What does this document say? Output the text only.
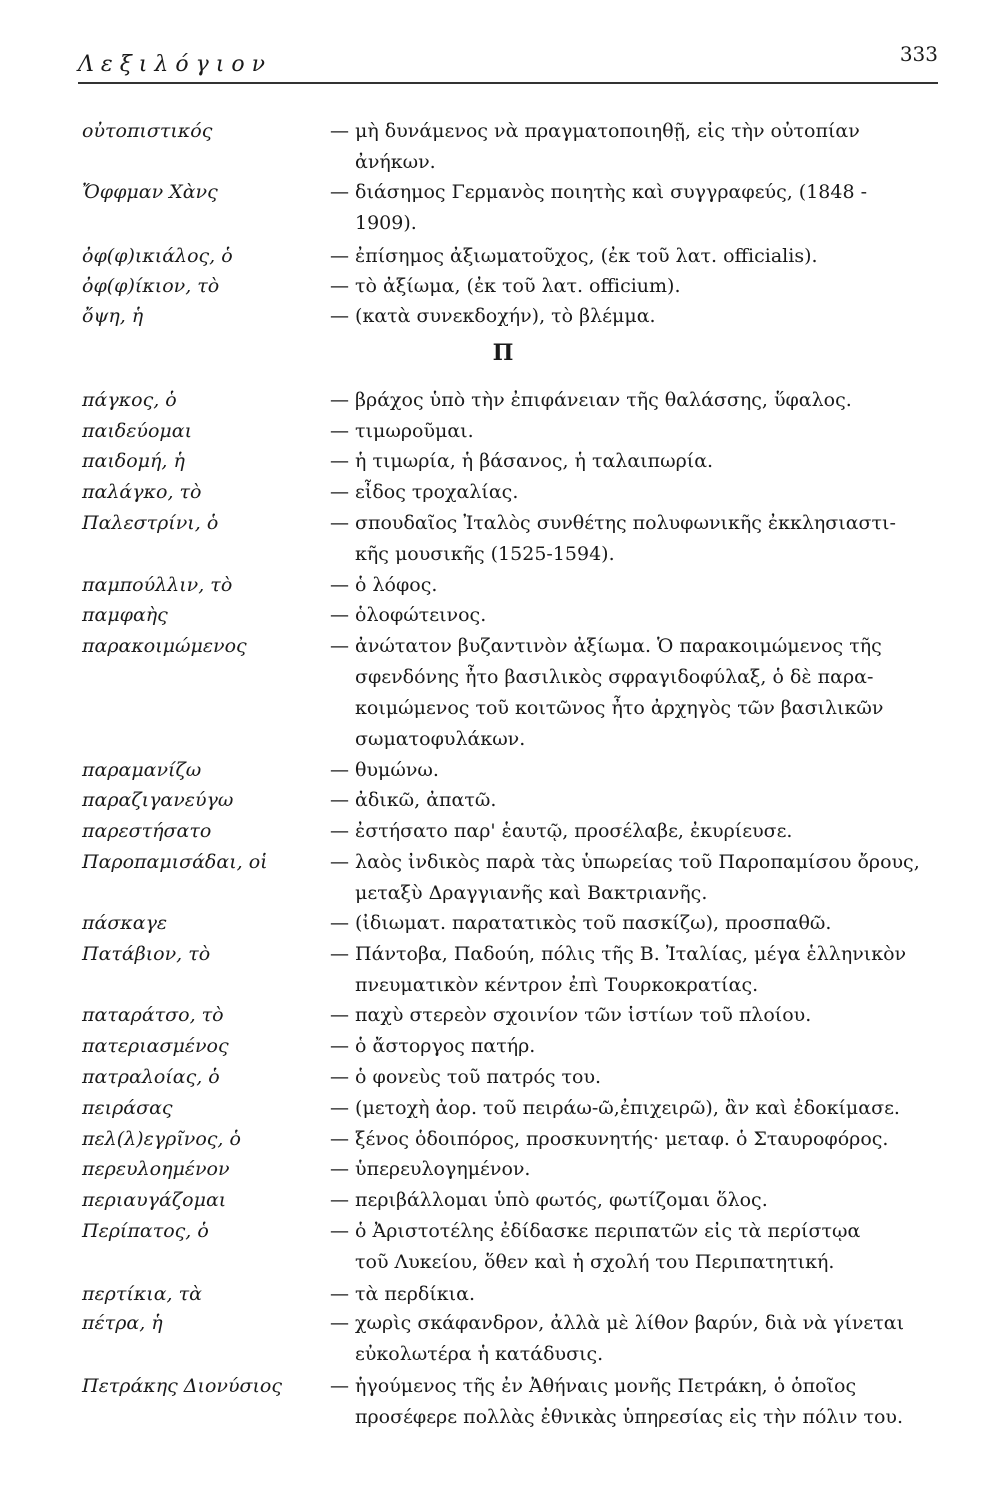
Λεξιλόγιον	333
Π
οὐτοπιστικός	— μὴ δυνάμενος νὰ πραγματοποιηθῇ, εἰς τὴν οὐτοπίαν
ἀνήκων.
Ὄφφμαν Χὰνς	— διάσημος Γερμανὸς ποιητὴς καὶ συγγραφεύς, (1848 -
1909).
ὀφ(φ)ικιάλος, ὁ	— ἐπίσημος ἀξιωματοῦχος, (ἐκ τοῦ λατ. officialis).
ὀφ(φ)ίκιον, τὸ	— τὸ ἀξίωμα, (ἐκ τοῦ λατ. officium).
ὄψη, ἡ	— (κατὰ συνεκδοχήν), τὸ βλέμμα.
πάγκος, ὁ	— βράχος ὑπὸ τὴν ἐπιφάνειαν τῆς θαλάσσης, ὕφαλος.
παιδεύομαι	— τιμωροῦμαι.
παιδομή, ἡ	— ἡ τιμωρία, ἡ βάσανος, ἡ ταλαιπωρία.
παλάγκο, τὸ	— εἶδος τροχαλίας.
Παλεστρίνι, ὁ	— σπουδαῖος Ἰταλὸς συνθέτης πολυφωνικῆς ἐκκλησιαστι-
κῆς μουσικῆς (1525-1594).
παμπούλλιν, τὸ	— ὁ λόφος.
παμφαὴς	— ὁλοφώτεινος.
παρακοιμώμενος	— ἀνώτατον βυζαντινὸν ἀξίωμα. Ὁ παρακοιμώμενος τῆς
σφενδόνης ἦτο βασιλικὸς σφραγιδοφύλαξ, ὁ δὲ παρα-
κοιμώμενος τοῦ κοιτῶνος ἦτο ἀρχηγὸς τῶν βασιλικῶν
σωματοφυλάκων.
παραμανίζω	— θυμώνω.
παραζιγανεύγω	— ἀδικῶ, ἀπατῶ.
παρεστήσατο	— ἐστήσατο παρ' ἑαυτῷ, προσέλαβε, ἐκυρίευσε.
Παροπαμισάδαι, οἱ	— λαὸς ἰνδικὸς παρὰ τὰς ὑπωρείας τοῦ Παροπαμίσου ὄρους,
μεταξὺ Δραγγιανῆς καὶ Βακτριανῆς.
πάσκαγε	— (ἰδιωματ. παρατατικὸς τοῦ πασκίζω), προσπαθῶ.
Πατάβιον, τὸ	— Πάντοβα, Παδούη, πόλις τῆς Β. Ἰταλίας, μέγα ἑλληνικὸν
πνευματικὸν κέντρον ἐπὶ Τουρκοκρατίας.
παταράτσο, τὸ	— παχὺ στερεὸν σχοινίον τῶν ἱστίων τοῦ πλοίου.
πατεριασμένος	— ὁ ἄστοργος πατήρ.
πατραλοίας, ὁ	— ὁ φονεὺς τοῦ πατρός του.
πειράσας	— (μετοχὴ ἀορ. τοῦ πειράω-ῶ,ἐπιχειρῶ), ἂν καὶ ἐδοκίμασε.
πελ(λ)εγρῖνος, ὁ	— ξένος ὁδοιπόρος, προσκυνητής· μεταφ. ὁ Σταυροφόρος.
περευλοημένον	— ὑπερευλογημένον.
περιαυγάζομαι	— περιβάλλομαι ὑπὸ φωτός, φωτίζομαι ὅλος.
Περίπατος, ὁ	— ὁ Ἀριστοτέλης ἐδίδασκε περιπατῶν εἰς τὰ περίστῳα
τοῦ Λυκείου, ὅθεν καὶ ἡ σχολή του Περιπατητική.
περτίκια, τὰ	— τὰ περδίκια.
πέτρα, ἡ	— χωρὶς σκάφανδρον, ἀλλὰ μὲ λίθον βαρύν, διὰ νὰ γίνεται
εὐκολωτέρα ἡ κατάδυσις.
Πετράκης Διονύσιος	— ἡγούμενος τῆς ἐν Ἀθήναις μονῆς Πετράκη, ὁ ὁποῖος
προσέφερε πολλὰς ἐθνικὰς ὑπηρεσίας εἰς τὴν πόλιν του.
